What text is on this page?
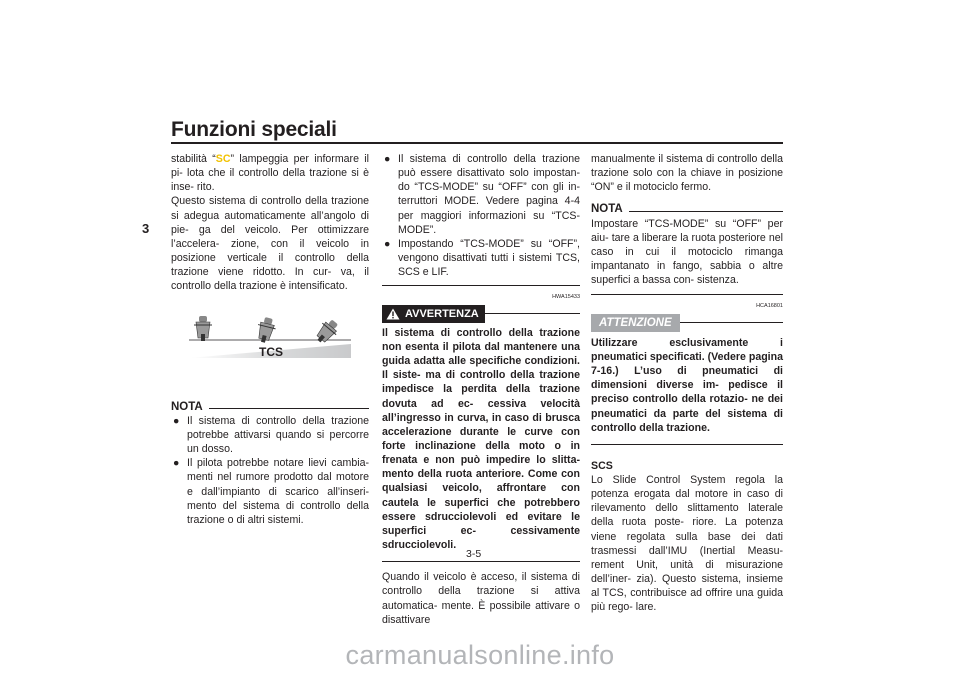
Funzioni speciali
3

stabilità “SC” lampeggia per informare il pi- lota che il controllo della trazione si è inse- rito.

Questo sistema di controllo della trazione si adegua automaticamente all’angolo di pie- ga del veicolo. Per ottimizzare l’accelera- zione, con il veicolo in posizione verticale il controllo della trazione viene ridotto. In cur- va, il controllo della trazione è intensificato.

TCS
NOTA

● Il sistema di controllo della trazione potrebbe attivarsi quando si percorre un dosso.

● Il pilota potrebbe notare lievi cambia- menti nel rumore prodotto dal motore e dall’impianto di scarico all’inseri- mento del sistema di controllo della trazione o di altri sistemi.

● Il sistema di controllo della trazione può essere disattivato solo impostan- do “TCS-MODE” su “OFF” con gli in- terruttori MODE. Vedere pagina 4-4 per maggiori informazioni su “TCS- MODE”.

● Impostando “TCS-MODE” su “OFF”, vengono disattivati tutti i sistemi TCS, SCS e LIF.

HWA15433
AVVERTENZA

Il sistema di controllo della trazione non esenta il pilota dal mantenere una guida adatta alle specifiche condizioni. Il siste- ma di controllo della trazione impedisce la perdita della trazione dovuta ad ec- cessiva velocità all’ingresso in curva, in caso di brusca accelerazione durante le curve con forte inclinazione della moto o in frenata e non può impedire lo slitta- mento della ruota anteriore. Come con qualsiasi veicolo, affrontare con cautela le superfici che potrebbero essere sdrucciolevoli ed evitare le superfici ec- cessivamente sdrucciolevoli.

Quando il veicolo è acceso, il sistema di controllo della trazione si attiva automatica- mente. È possibile attivare o disattivare

manualmente il sistema di controllo della trazione solo con la chiave in posizione “ON” e il motociclo fermo.

NOTA

Impostare “TCS-MODE” su “OFF” per aiu- tare a liberare la ruota posteriore nel caso in cui il motociclo rimanga impantanato in fango, sabbia o altre superfici a bassa con- sistenza.

HCA16801
ATTENZIONE

Utilizzare esclusivamente i pneumatici specificati. (Vedere pagina 7-16.) L’uso di pneumatici di dimensioni diverse im- pedisce il preciso controllo della rotazio- ne dei pneumatici da parte del sistema di controllo della trazione.

SCS

Lo Slide Control System regola la potenza erogata dal motore in caso di rilevamento dello slittamento laterale della ruota poste- riore. La potenza viene regolata sulla base dei dati trasmessi dall’IMU (Inertial Measu- rement Unit, unità di misurazione dell’iner- zia). Questo sistema, insieme al TCS, contribuisce ad offrire una guida più rego- lare.

3-5
carmanualsonline.info
